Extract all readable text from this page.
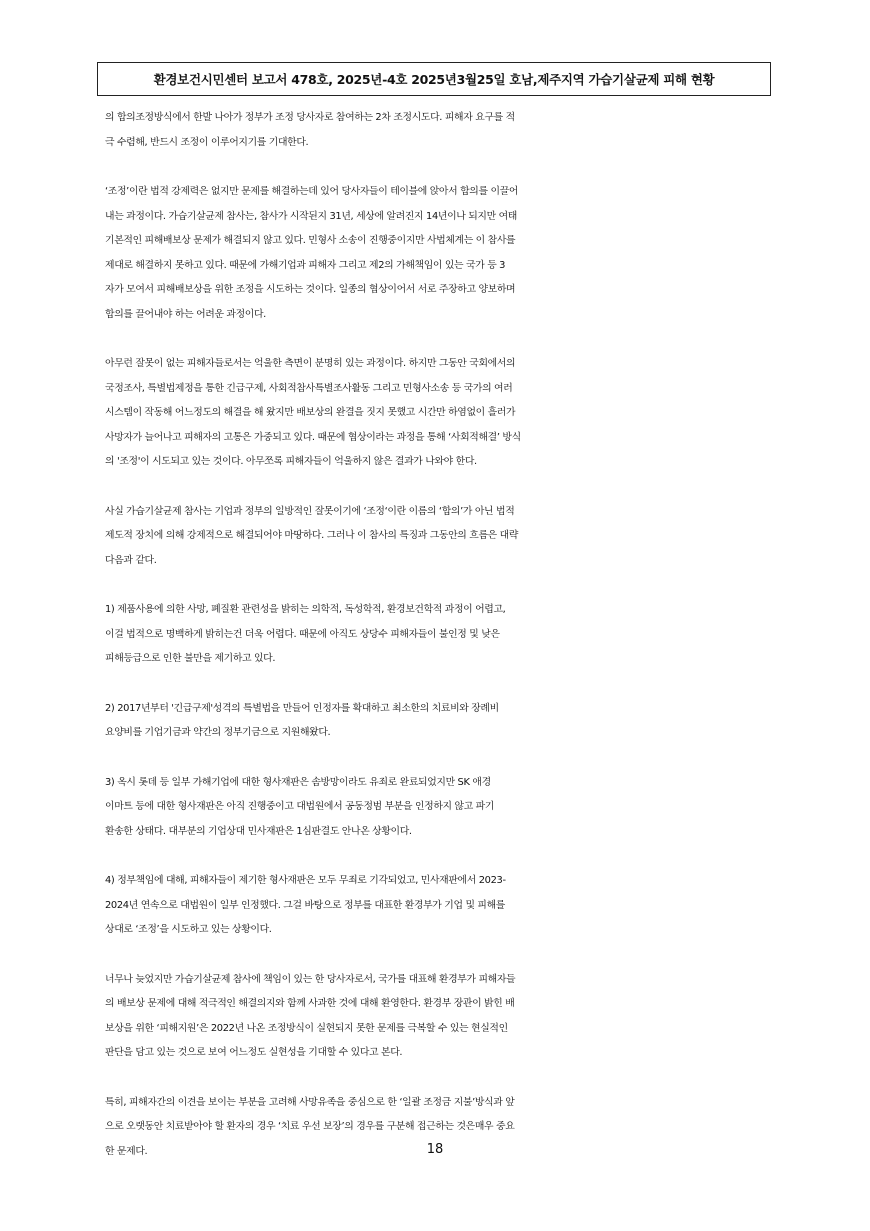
환경보건시민센터 보고서 478호, 2025년-4호 2025년3월25일 호남,제주지역 가습기살균제 피해 현황
의 합의조정방식에서 한발 나아가 정부가 조정 당사자로 참여하는 2차 조정시도다. 피해자 요구를 적
극 수렴해, 반드시 조정이 이루어지기를 기대한다.
‘조정’이란 법적 강제력은 없지만 문제를 해결하는데 있어 당사자들이 테이블에 앉아서 합의를 이끌어
내는 과정이다. 가습기살균제 참사는, 참사가 시작된지 31년, 세상에 알려진지 14년이나 되지만 여태
기본적인 피해배보상 문제가 해결되지 않고 있다. 민형사 소송이 진행중이지만 사법체계는 이 참사를
제대로 해결하지 못하고 있다. 때문에 가해기업과 피해자 그리고 제2의 가해책임이 있는 국가 등 3
자가 모여서 피해배보상을 위한 조정을 시도하는 것이다. 일종의 협상이어서 서로 주장하고 양보하며
합의를 끌어내야 하는 어려운 과정이다.
아무런 잘못이 없는 피해자들로서는 억울한 측면이 분명히 있는 과정이다. 하지만 그동안 국회에서의
국정조사, 특별법제정을 통한 긴급구제, 사회적참사특별조사활동 그리고 민형사소송 등 국가의 여러
시스템이 작동해 어느정도의 해결을 해 왔지만 배보상의 완결을 짓지 못했고 시간만 하염없이 흘러가
사망자가 늘어나고 피해자의 고통은 가중되고 있다. 때문에 협상이라는 과정을 통해 ‘사회적해결’ 방식
의 '조정'이 시도되고 있는 것이다. 아무쪼록 피해자들이 억울하지 않은 결과가 나와야 한다.
사실 가습기살균제 참사는 기업과 정부의 일방적인 잘못이기에 ‘조정‘이란 이름의 ‘합의’가 아닌 법적
제도적 장치에 의해 강제적으로 해결되어야 마땅하다. 그러나 이 참사의 특징과 그동안의 흐름은 대략
다음과 같다.
1) 제품사용에 의한 사망, 폐질환 관련성을 밝히는 의학적, 독성학적, 환경보건학적 과정이 어렵고,
이걸 법적으로 명백하게 밝히는건 더욱 어렵다. 때문에 아직도 상당수 피해자들이 불인정 및 낮은
피해등급으로 인한 불만을 제기하고 있다.
2) 2017년부터 '긴급구제'성격의 특별법을 만들어 인정자를 확대하고 최소한의 치료비와 장례비
요양비를 기업기금과 약간의 정부기금으로 지원해왔다.
3) 옥시 롯데 등 일부 가해기업에 대한 형사재판은 솜방망이라도 유죄로 완료되었지만 SK 애경
이마트 등에 대한 형사재판은 아직 진행중이고 대법원에서 공동정범 부분을 인정하지 않고 파기
환송한 상태다. 대부분의 기업상대 민사재판은 1심판결도 안나온 상황이다.
4) 정부책임에 대해, 피해자들이 제기한 형사재판은 모두 무죄로 기각되었고, 민사재판에서 2023-
2024년 연속으로 대법원이 일부 인정했다. 그걸 바탕으로 정부를 대표한 환경부가 기업 및 피해를
상대로 ‘조정’을 시도하고 있는 상황이다.
너무나 늦었지만 가습기살균제 참사에 책임이 있는 한 당사자로서, 국가를 대표해 환경부가 피해자들
의 배보상 문제에 대해 적극적인 해결의지와 함께 사과한 것에 대해 환영한다. 환경부 장관이 밝힌 배
보상을 위한 ‘피해지원’은 2022년 나온 조정방식이 실현되지 못한 문제를 극복할 수 있는 현실적인
판단을 담고 있는 것으로 보여 어느정도 실현성을 기대할 수 있다고 본다.
특히, 피해자간의 이견을 보이는 부분을 고려해 사망유족을 중심으로 한 ‘일괄 조정금 지불’방식과 앞
으로 오랫동안 치료받아야 할 환자의 경우 ‘치료 우선 보장’의 경우를 구분해 접근하는 것은매우 중요
한 문제다.	18
